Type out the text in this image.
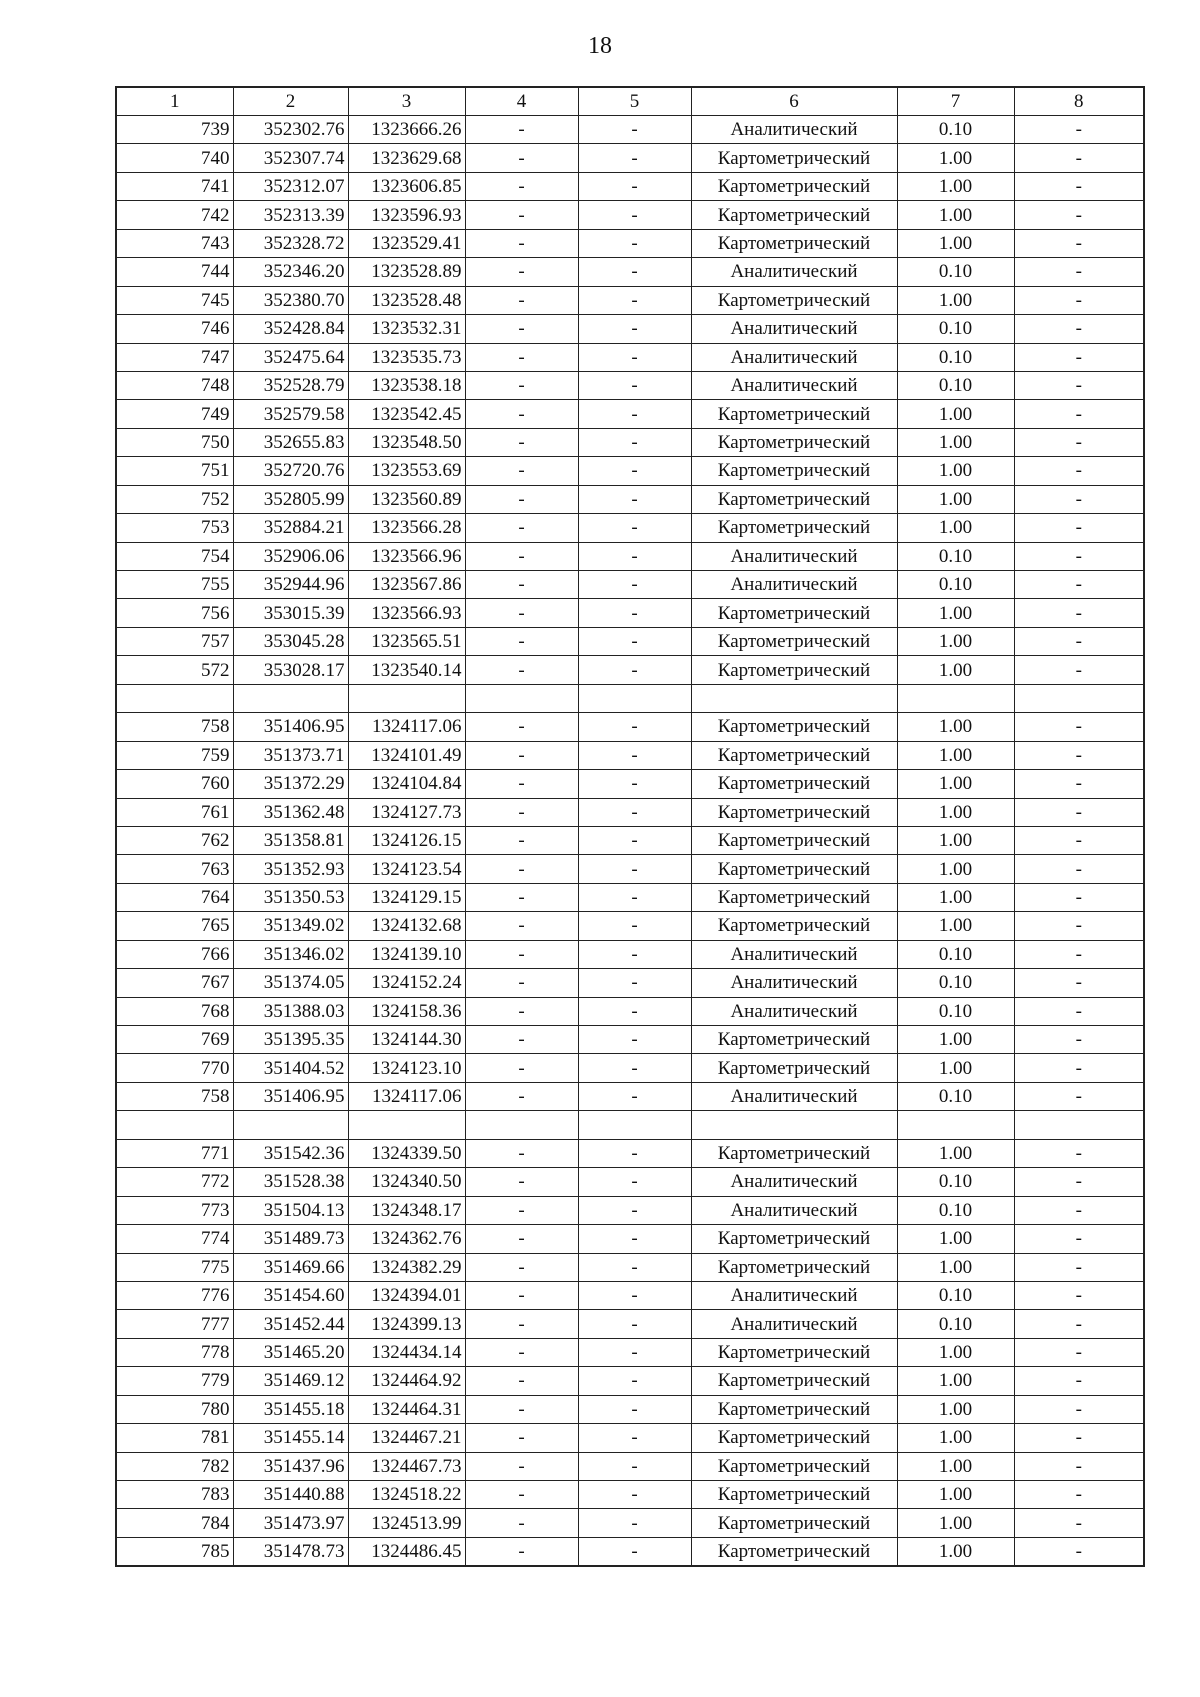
18
1	2	3	4	5	6	7	8
739	352302.76	1323666.26	-	-	Аналитический	0.10	-
740	352307.74	1323629.68	-	-	Картометрический	1.00	-
741	352312.07	1323606.85	-	-	Картометрический	1.00	-
742	352313.39	1323596.93	-	-	Картометрический	1.00	-
743	352328.72	1323529.41	-	-	Картометрический	1.00	-
744	352346.20	1323528.89	-	-	Аналитический	0.10	-
745	352380.70	1323528.48	-	-	Картометрический	1.00	-
746	352428.84	1323532.31	-	-	Аналитический	0.10	-
747	352475.64	1323535.73	-	-	Аналитический	0.10	-
748	352528.79	1323538.18	-	-	Аналитический	0.10	-
749	352579.58	1323542.45	-	-	Картометрический	1.00	-
750	352655.83	1323548.50	-	-	Картометрический	1.00	-
751	352720.76	1323553.69	-	-	Картометрический	1.00	-
752	352805.99	1323560.89	-	-	Картометрический	1.00	-
753	352884.21	1323566.28	-	-	Картометрический	1.00	-
754	352906.06	1323566.96	-	-	Аналитический	0.10	-
755	352944.96	1323567.86	-	-	Аналитический	0.10	-
756	353015.39	1323566.93	-	-	Картометрический	1.00	-
757	353045.28	1323565.51	-	-	Картометрический	1.00	-
572	353028.17	1323540.14	-	-	Картометрический	1.00	-

758	351406.95	1324117.06	-	-	Картометрический	1.00	-
759	351373.71	1324101.49	-	-	Картометрический	1.00	-
760	351372.29	1324104.84	-	-	Картометрический	1.00	-
761	351362.48	1324127.73	-	-	Картометрический	1.00	-
762	351358.81	1324126.15	-	-	Картометрический	1.00	-
763	351352.93	1324123.54	-	-	Картометрический	1.00	-
764	351350.53	1324129.15	-	-	Картометрический	1.00	-
765	351349.02	1324132.68	-	-	Картометрический	1.00	-
766	351346.02	1324139.10	-	-	Аналитический	0.10	-
767	351374.05	1324152.24	-	-	Аналитический	0.10	-
768	351388.03	1324158.36	-	-	Аналитический	0.10	-
769	351395.35	1324144.30	-	-	Картометрический	1.00	-
770	351404.52	1324123.10	-	-	Картометрический	1.00	-
758	351406.95	1324117.06	-	-	Аналитический	0.10	-

771	351542.36	1324339.50	-	-	Картометрический	1.00	-
772	351528.38	1324340.50	-	-	Аналитический	0.10	-
773	351504.13	1324348.17	-	-	Аналитический	0.10	-
774	351489.73	1324362.76	-	-	Картометрический	1.00	-
775	351469.66	1324382.29	-	-	Картометрический	1.00	-
776	351454.60	1324394.01	-	-	Аналитический	0.10	-
777	351452.44	1324399.13	-	-	Аналитический	0.10	-
778	351465.20	1324434.14	-	-	Картометрический	1.00	-
779	351469.12	1324464.92	-	-	Картометрический	1.00	-
780	351455.18	1324464.31	-	-	Картометрический	1.00	-
781	351455.14	1324467.21	-	-	Картометрический	1.00	-
782	351437.96	1324467.73	-	-	Картометрический	1.00	-
783	351440.88	1324518.22	-	-	Картометрический	1.00	-
784	351473.97	1324513.99	-	-	Картометрический	1.00	-
785	351478.73	1324486.45	-	-	Картометрический	1.00	-
